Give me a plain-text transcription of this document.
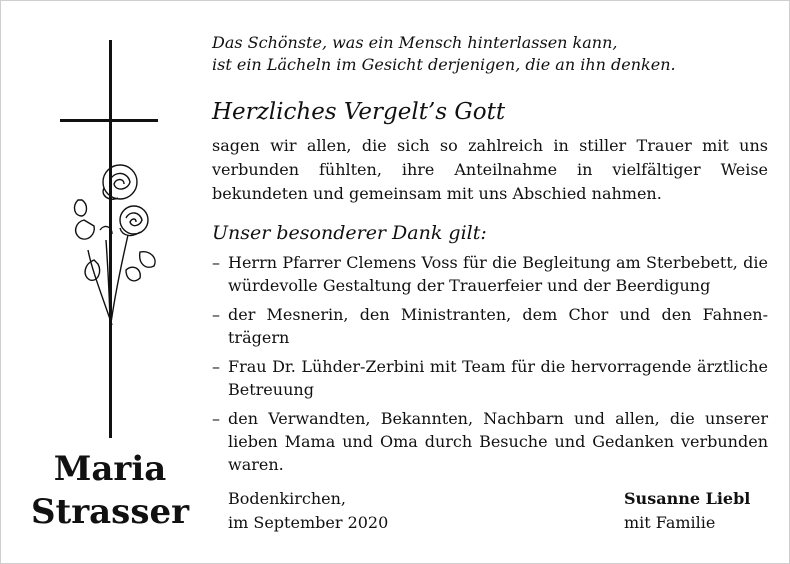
Maria
Strasser
Das Schönste, was ein Mensch hinterlassen kann,
ist ein Lächeln im Gesicht derjenigen, die an ihn denken.
Herzliches Vergelt’s Gott
sagen wir allen, die sich so zahlreich in stiller Trauer mit uns verbunden fühlten, ihre Anteilnahme in vielfältiger Weise bekundeten und gemeinsam mit uns Abschied nahmen.
Unser besonderer Dank gilt:
– Herrn Pfarrer Clemens Voss für die Begleitung am Sterbebett, die würdevolle Gestaltung der Trauerfeier und der Beerdigung
– der Mesnerin, den Ministranten, dem Chor und den Fahnenträgern
– Frau Dr. Lühder-Zerbini mit Team für die hervorragende ärztliche Betreuung
– den Verwandten, Bekannten, Nachbarn und allen, die unserer lieben Mama und Oma durch Besuche und Gedanken verbunden waren.
Bodenkirchen,
im September 2020
Susanne Liebl
mit Familie
